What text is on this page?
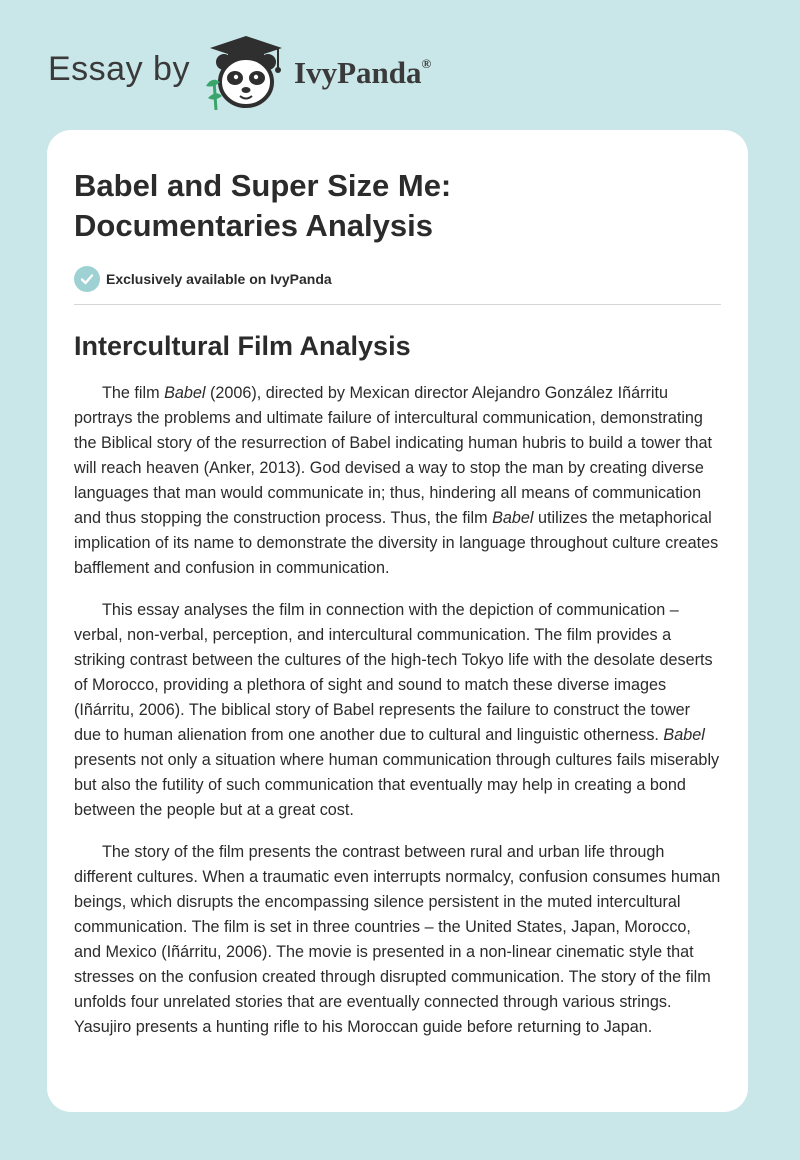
Essay by	IvyPanda®
Babel and Super Size Me:
Documentaries Analysis
Exclusively available on IvyPanda
Intercultural Film Analysis

The film Babel (2006), directed by Mexican director Alejandro González Iñárritu portrays the problems and ultimate failure of intercultural communication, demonstrating the Biblical story of the resurrection of Babel indicating human hubris to build a tower that will reach heaven (Anker, 2013). God devised a way to stop the man by creating diverse languages that man would communicate in; thus, hindering all means of communication and thus stopping the construction process. Thus, the film Babel utilizes the metaphorical implication of its name to demonstrate the diversity in language throughout culture creates bafflement and confusion in communication.

This essay analyses the film in connection with the depiction of communication – verbal, non-verbal, perception, and intercultural communication. The film provides a striking contrast between the cultures of the high-tech Tokyo life with the desolate deserts of Morocco, providing a plethora of sight and sound to match these diverse images (Iñárritu, 2006). The biblical story of Babel represents the failure to construct the tower due to human alienation from one another due to cultural and linguistic otherness. Babel presents not only a situation where human communication through cultures fails miserably but also the futility of such communication that eventually may help in creating a bond between the people but at a great cost.

The story of the film presents the contrast between rural and urban life through different cultures. When a traumatic even interrupts normalcy, confusion consumes human beings, which disrupts the encompassing silence persistent in the muted intercultural communication. The film is set in three countries – the United States, Japan, Morocco, and Mexico (Iñárritu, 2006). The movie is presented in a non-linear cinematic style that stresses on the confusion created through disrupted communication. The story of the film unfolds four unrelated stories that are eventually connected through various strings. Yasujiro presents a hunting rifle to his Moroccan guide before returning to Japan.
